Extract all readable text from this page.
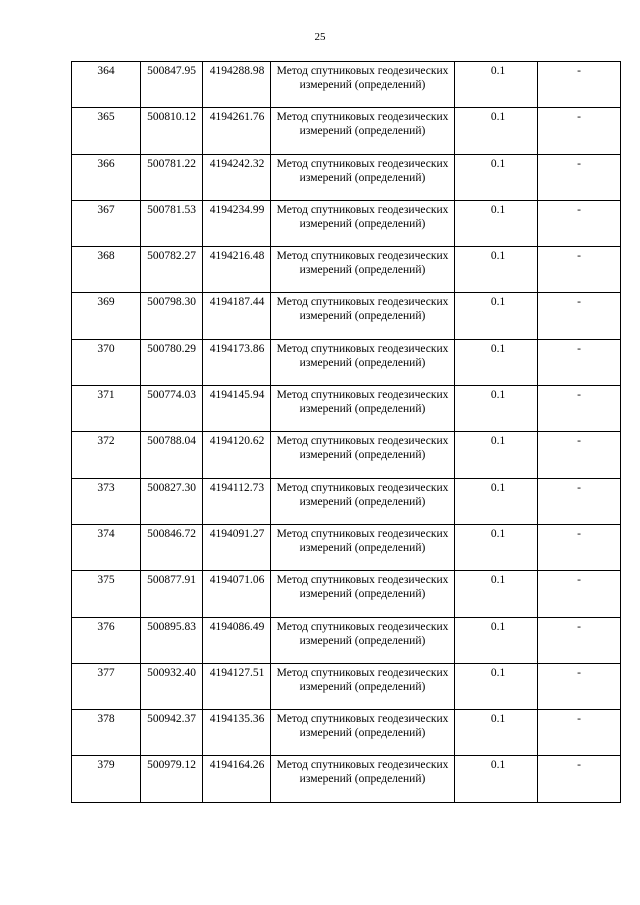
25
364	500847.95	4194288.98	Метод спутниковых геодезических измерений (определений)	0.1	-

365	500810.12	4194261.76	Метод спутниковых геодезических измерений (определений)	0.1	-

366	500781.22	4194242.32	Метод спутниковых геодезических измерений (определений)	0.1	-

367	500781.53	4194234.99	Метод спутниковых геодезических измерений (определений)	0.1	-

368	500782.27	4194216.48	Метод спутниковых геодезических измерений (определений)	0.1	-

369	500798.30	4194187.44	Метод спутниковых геодезических измерений (определений)	0.1	-

370	500780.29	4194173.86	Метод спутниковых геодезических измерений (определений)	0.1	-

371	500774.03	4194145.94	Метод спутниковых геодезических измерений (определений)	0.1	-

372	500788.04	4194120.62	Метод спутниковых геодезических измерений (определений)	0.1	-

373	500827.30	4194112.73	Метод спутниковых геодезических измерений (определений)	0.1	-

374	500846.72	4194091.27	Метод спутниковых геодезических измерений (определений)	0.1	-

375	500877.91	4194071.06	Метод спутниковых геодезических измерений (определений)	0.1	-

376	500895.83	4194086.49	Метод спутниковых геодезических измерений (определений)	0.1	-

377	500932.40	4194127.51	Метод спутниковых геодезических измерений (определений)	0.1	-

378	500942.37	4194135.36	Метод спутниковых геодезических измерений (определений)	0.1	-

379	500979.12	4194164.26	Метод спутниковых геодезических измерений (определений)	0.1	-
